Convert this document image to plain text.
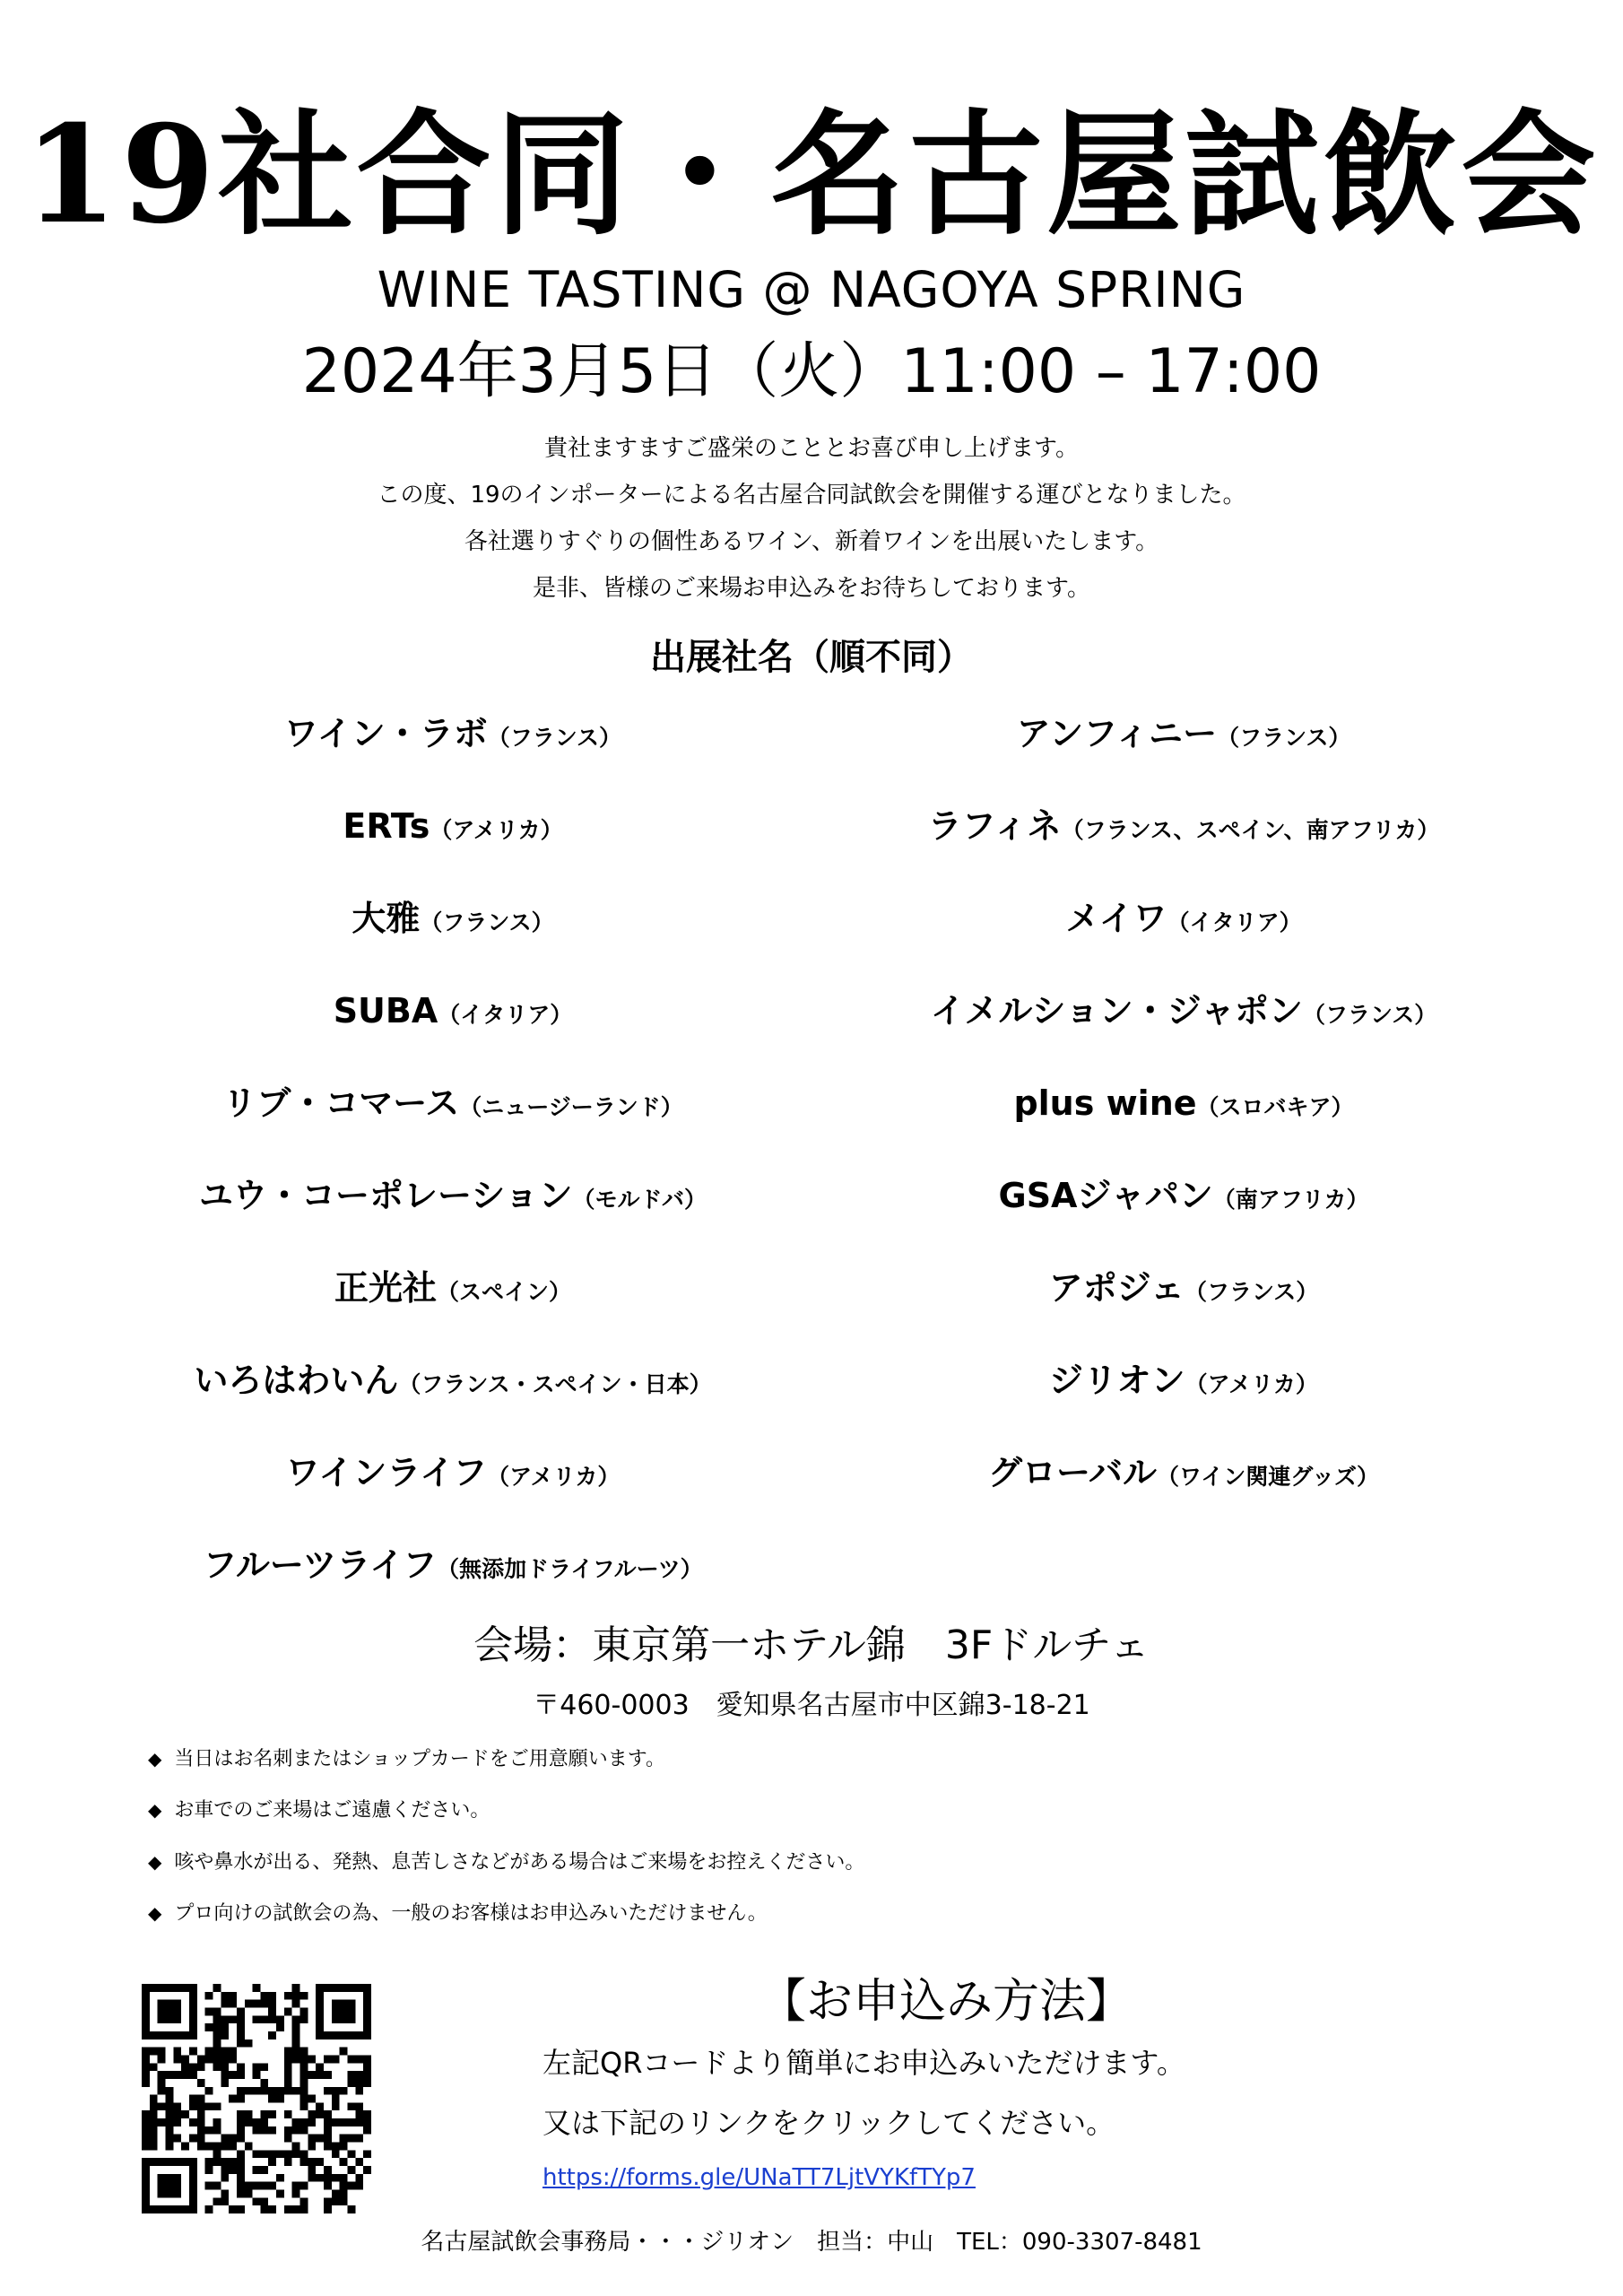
19社合同・名古屋試飲会
WINE TASTING @ NAGOYA SPRING
2024年3月5日（火）11:00 – 17:00
貴社ますますご盛栄のこととお喜び申し上げます。
この度、19のインポーターによる名古屋合同試飲会を開催する運びとなりました。
各社選りすぐりの個性あるワイン、新着ワインを出展いたします。
是非、皆様のご来場お申込みをお待ちしております。
出展社名（順不同）
ワイン・ラボ（フランス）
ERTs（アメリカ）
大雅（フランス）
SUBA（イタリア）
リブ・コマース（ニュージーランド）
ユウ・コーポレーション（モルドバ）
正光社（スペイン）
いろはわいん（フランス・スペイン・日本）
ワインライフ（アメリカ）
フルーツライフ（無添加ドライフルーツ）
アンフィニー（フランス）
ラフィネ（フランス、スペイン、南アフリカ）
メイワ（イタリア）
イメルション・ジャポン（フランス）
plus wine（スロバキア）
GSAジャパン（南アフリカ）
アポジェ（フランス）
ジリオン（アメリカ）
グローバル（ワイン関連グッズ）
会場：東京第一ホテル錦　3Fドルチェ
〒460-0003　愛知県名古屋市中区錦3-18-21
◆ 当日はお名刺またはショップカードをご用意願います。
◆ お車でのご来場はご遠慮ください。
◆ 咳や鼻水が出る、発熱、息苦しさなどがある場合はご来場をお控えください。
◆ プロ向けの試飲会の為、一般のお客様はお申込みいただけません。
【お申込み方法】
左記QRコードより簡単にお申込みいただけます。
又は下記のリンクをクリックしてください。
https://forms.gle/UNaTT7LjtVYKfTYp7
名古屋試飲会事務局・・・ジリオン　担当：中山　TEL：090-3307-8481
